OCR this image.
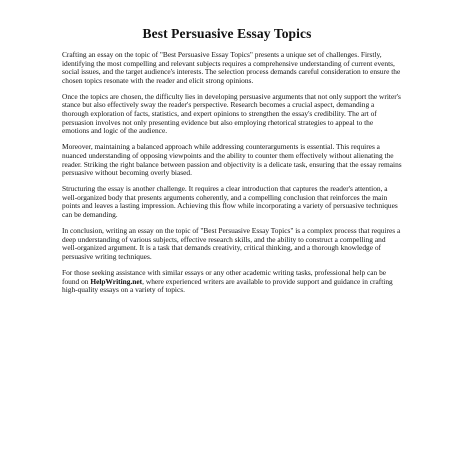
Best Persuasive Essay Topics

Crafting an essay on the topic of "Best Persuasive Essay Topics" presents a unique set of challenges. Firstly, identifying the most compelling and relevant subjects requires a comprehensive understanding of current events, social issues, and the target audience's interests. The selection process demands careful consideration to ensure the chosen topics resonate with the reader and elicit strong opinions.

Once the topics are chosen, the difficulty lies in developing persuasive arguments that not only support the writer's stance but also effectively sway the reader's perspective. Research becomes a crucial aspect, demanding a thorough exploration of facts, statistics, and expert opinions to strengthen the essay's credibility. The art of persuasion involves not only presenting evidence but also employing rhetorical strategies to appeal to the emotions and logic of the audience.

Moreover, maintaining a balanced approach while addressing counterarguments is essential. This requires a nuanced understanding of opposing viewpoints and the ability to counter them effectively without alienating the reader. Striking the right balance between passion and objectivity is a delicate task, ensuring that the essay remains persuasive without becoming overly biased.

Structuring the essay is another challenge. It requires a clear introduction that captures the reader's attention, a well-organized body that presents arguments coherently, and a compelling conclusion that reinforces the main points and leaves a lasting impression. Achieving this flow while incorporating a variety of persuasive techniques can be demanding.

In conclusion, writing an essay on the topic of "Best Persuasive Essay Topics" is a complex process that requires a deep understanding of various subjects, effective research skills, and the ability to construct a compelling and well-organized argument. It is a task that demands creativity, critical thinking, and a thorough knowledge of persuasive writing techniques.

For those seeking assistance with similar essays or any other academic writing tasks, professional help can be found on HelpWriting.net, where experienced writers are available to provide support and guidance in crafting high-quality essays on a variety of topics.
